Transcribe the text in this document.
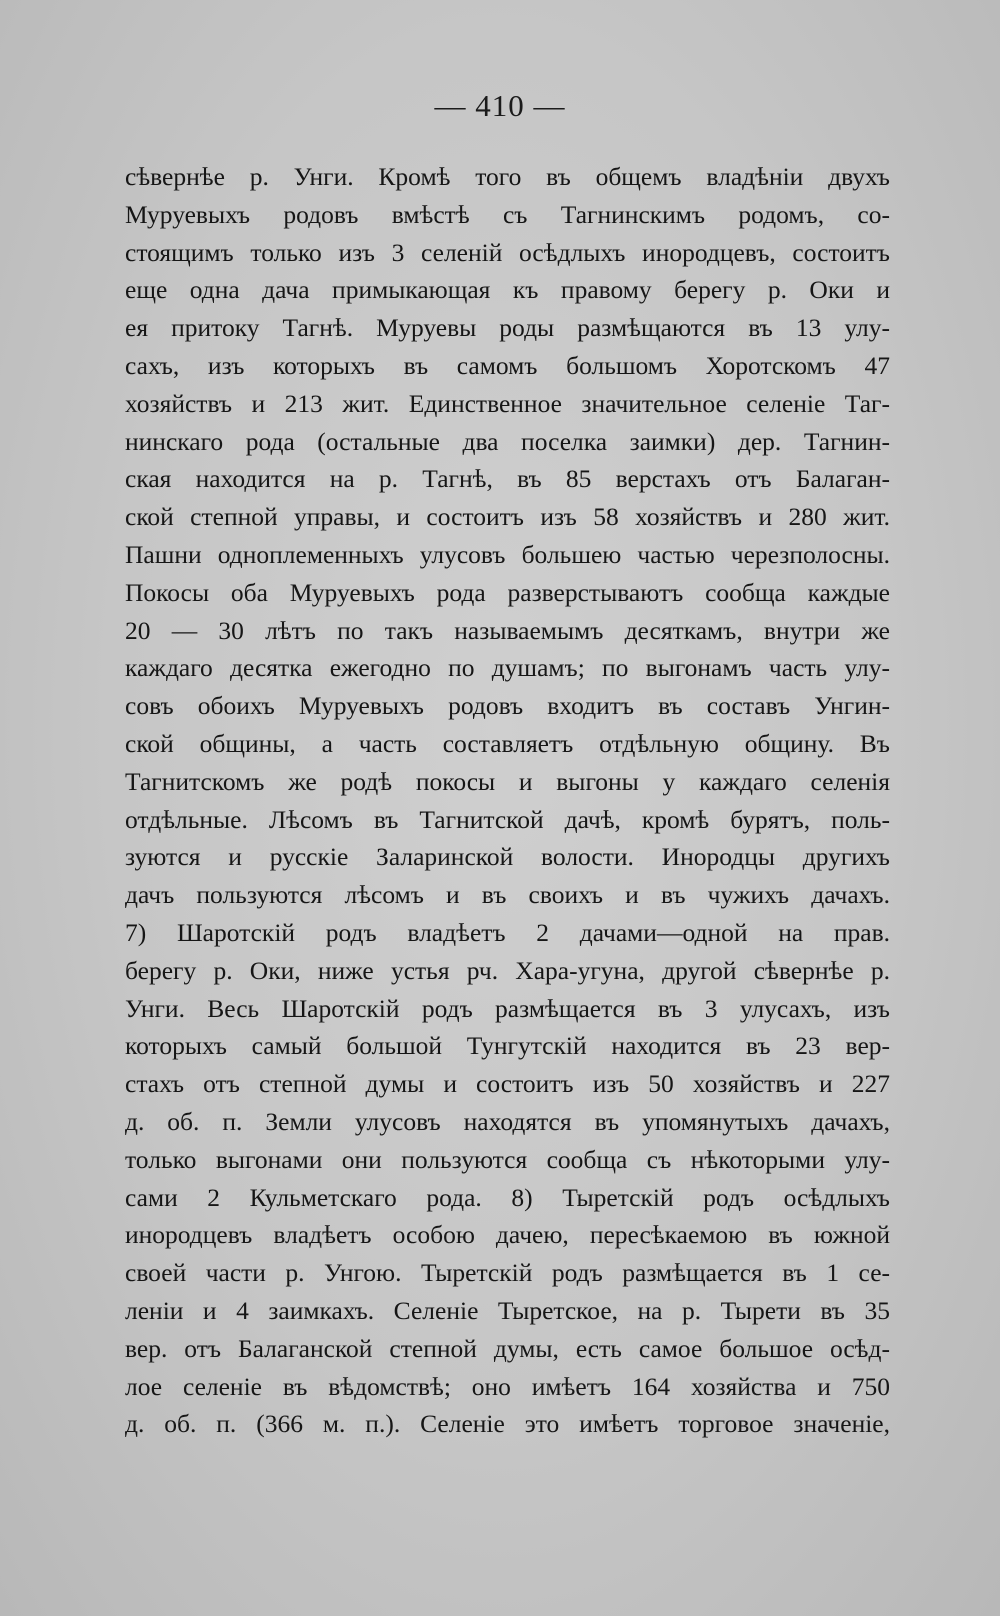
— 410 —
сѣвернѣе р. Унги. Кромѣ того въ общемъ владѣніи двухъ
Муруевыхъ родовъ вмѣстѣ съ Тагнинскимъ родомъ, со-
стоящимъ только изъ 3 селеній осѣдлыхъ инородцевъ, состоитъ
еще одна дача примыкающая къ правому берегу р. Оки и
ея притоку Тагнѣ. Муруевы роды размѣщаются въ 13 улу-
сахъ, изъ которыхъ въ самомъ большомъ Хоротскомъ 47
хозяйствъ и 213 жит. Единственное значительное селеніе Таг-
нинскаго рода (остальные два поселка заимки) дер. Тагнин-
ская находится на р. Тагнѣ, въ 85 верстахъ отъ Балаган-
ской степной управы, и состоитъ изъ 58 хозяйствъ и 280 жит.
Пашни одноплеменныхъ улусовъ большею частью черезполосны.
Покосы оба Муруевыхъ рода разверстываютъ сообща каждые
20 — 30 лѣтъ по такъ называемымъ десяткамъ, внутри же
каждаго десятка ежегодно по душамъ; по выгонамъ часть улу-
совъ обоихъ Муруевыхъ родовъ входитъ въ составъ Унгин-
ской общины, а часть составляетъ отдѣльную общину. Въ
Тагнитскомъ же родѣ покосы и выгоны у каждаго селенія
отдѣльные. Лѣсомъ въ Тагнитской дачѣ, кромѣ бурятъ, поль-
зуются и русскіе Заларинской волости. Инородцы другихъ
дачъ пользуются лѣсомъ и въ своихъ и въ чужихъ дачахъ.
7) Шаротскій родъ владѣетъ 2 дачами—одной на прав.
берегу р. Оки, ниже устья рч. Хара-угуна, другой сѣвернѣе р.
Унги. Весь Шаротскій родъ размѣщается въ 3 улусахъ, изъ
которыхъ самый большой Тунгутскій находится въ 23 вер-
стахъ отъ степной думы и состоитъ изъ 50 хозяйствъ и 227
д. об. п. Земли улусовъ находятся въ упомянутыхъ дачахъ,
только выгонами они пользуются сообща съ нѣкоторыми улу-
сами 2 Кульметскаго рода. 8) Тыретскій родъ осѣдлыхъ
инородцевъ владѣетъ особою дачею, пересѣкаемою въ южной
своей части р. Унгою. Тыретскій родъ размѣщается въ 1 се-
леніи и 4 заимкахъ. Селеніе Тыретское, на р. Тырети въ 35
вер. отъ Балаганской степной думы, есть самое большое осѣд-
лое селеніе въ вѣдомствѣ; оно имѣетъ 164 хозяйства и 750
д. об. п. (366 м. п.). Селеніе это имѣетъ торговое значеніе,
